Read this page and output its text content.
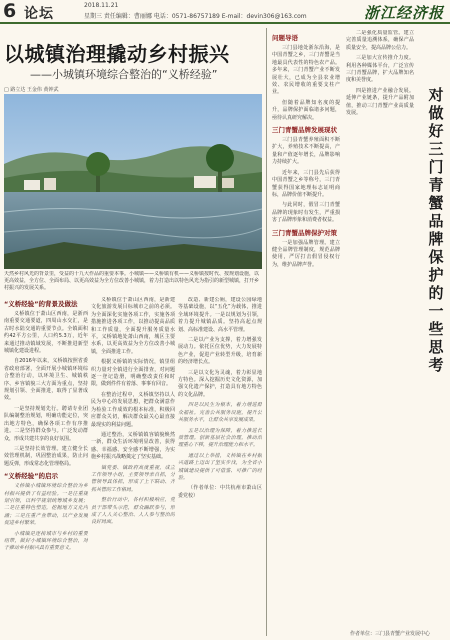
6 论坛
2018.11.21
星期三 责任编辑：曹丽娜 电话：0571-86757189 E-mail：devin306@163.com	浙江经济报
以城镇治理撬动乡村振兴
——小城镇环境综合整治的“义桥经验”
□ 路立达 王金伟 黄钟武
天然乡村风光的背景里，受益的十九大作品的重要本事。小城镇——义桥镇有机——义桥镇按时代、按规划设施，以更高效益，全方位、全面布局、以更高效益为全方位改善小城镇，着力打造出以特色风光为指引的新型城镇，打开乡村振兴的发展关系。
“义桥经验”的背景及做法

义桥镇位于萧山区西南，是浙西南重要交通要道，四周山水交汇，是古时水陆交通的重要节点。全镇面积约42平方公里，人口约5.3万，近年来通过推动镇域发展，不断推进新型城镇化建设进程。

自2016年以来，义桥镇按照省委省政府部署，全面开展小城镇环境综合整治行动，以环境卫生、城镇秩序、乡容镇貌三大方面为重点，坚持规划引领、全面推进，取得了显著成效。

一是坚持规划先行。聘请专业团队编制整治规划，明确功能定位，突出地方特色，确保各项工作有序推进。二是坚持群众参与。广泛发动群众，形成共建共享的良好氛围。

三是坚持长效管理。建立健全长效管理机制，巩固整治成果，防止问题反弹，形成常态化管理格局。

“义桥经验”的启示

义桥镇小城镇环境综合整治为乡村振兴提供了有益经验。一是注重规划引领，以科学规划统筹城乡发展；二是注重特色塑造，挖掘地方文化内涵；三是注重产业带动，以产业发展促进乡村繁荣。

小城镇是连接城市与乡村的重要纽带，做好小城镇环境综合整治，对于推动乡村振兴具有重要意义。

义桥镇位于萧山区西南，是新建文化旅游发展目标城市之前的必须。为全面深化实施各项工作，实施各项措施推进各项工作，以推动提高品质和工作质量，全面提升服务质量水平。义桥镇地处萧山西南，城区主要水系，以更高效益为全方位改善小城镇，全面推进工作。

根据义桥镇的实际情况，镇里组织力量对全镇进行全面排查，对问题逐一登记造册，明确整改责任和时限，做到件件有着落、事事有回音。

在整治过程中，义桥镇坚持以人民为中心的发展思想，把群众满意作为检验工作成效的根本标准，积极回应群众关切，解决群众最关心最直接最现实的利益问题。

通过整治，义桥镇镇容镇貌焕然一新，群众生活环境明显改善，获得感、幸福感、安全感不断增强，为实施乡村振兴战略奠定了坚实基础。

镇党委、镇政府高度重视，成立工作领导小组，主要领导亲自抓，分管领导具体抓，形成了上下联动、齐抓共管的工作格局。

整治行动中，各村积极响应，党员干部带头示范，群众踊跃参与，形成了人人关心整治、人人参与整治的良好局面。

改造、新建公厕，建设公园绿地等基础设施，以“五化”为载体，推进全域环境提升。一是以规划为引领，着力提升城镇品质。坚持高起点规划、高标准建设、高水平管理。

二是以产业为支撑，着力增强发展动力。依托区位优势，大力发展特色产业，促进产业转型升级，培育新的经济增长点。

三是以文化为灵魂，着力彰显地方特色。深入挖掘历史文化资源，加强文化遗产保护，打造具有地方特色的文化品牌。

四是以民生为根本，着力增进群众福祉。完善公共服务设施，提升公共服务水平，让群众共享发展成果。

五是以治理为保障，着力推进长效管理。创新基层社会治理，推动治理重心下移，提升治理能力和水平。

通过以上举措，义桥镇在乡村振兴道路上迈出了坚实步伐，为全省小城镇建设提供了可借鉴、可推广的经验。

（作者单位：中共杭州市萧山区委党校）

问题导语

三门县地处浙东沿海，是中国青蟹之乡，三门青蟹是当地最具代表性的特色农产品。多年来，三门青蟹产业不断发展壮大，已成为全县农业增效、农民增收的重要支柱产业。

但随着品牌知名度的提升，品牌保护面临诸多问题，亟待认真研究解决。

三门青蟹品牌发展现状

三门县青蟹养殖面积不断扩大，养殖技术不断提高，产量和产值逐年增长，品牌影响力持续扩大。

近年来，三门县先后获得中国青蟹之乡等称号，三门青蟹获得国家地理标志证明商标，品牌价值不断提升。

与此同时，假冒三门青蟹品牌的现象时有发生，严重损害了品牌形象和消费者权益。

三门青蟹品牌保护对策

一是加强品牌管理。建立健全品牌管理制度，规范品牌使用，严厉打击假冒侵权行为，维护品牌声誉。

二是强化质量监管。建立完善质量追溯体系，确保产品质量安全，提高品牌公信力。

三是加大宣传推介力度。利用各种媒体平台，广泛宣传三门青蟹品牌，扩大品牌知名度和美誉度。

四是推进产业融合发展。延伸产业链条，提升产品附加值，推动三门青蟹产业高质量发展。

对做好三门青蟹品牌保护的一些思考
作者单位：三门县青蟹产业发展中心
